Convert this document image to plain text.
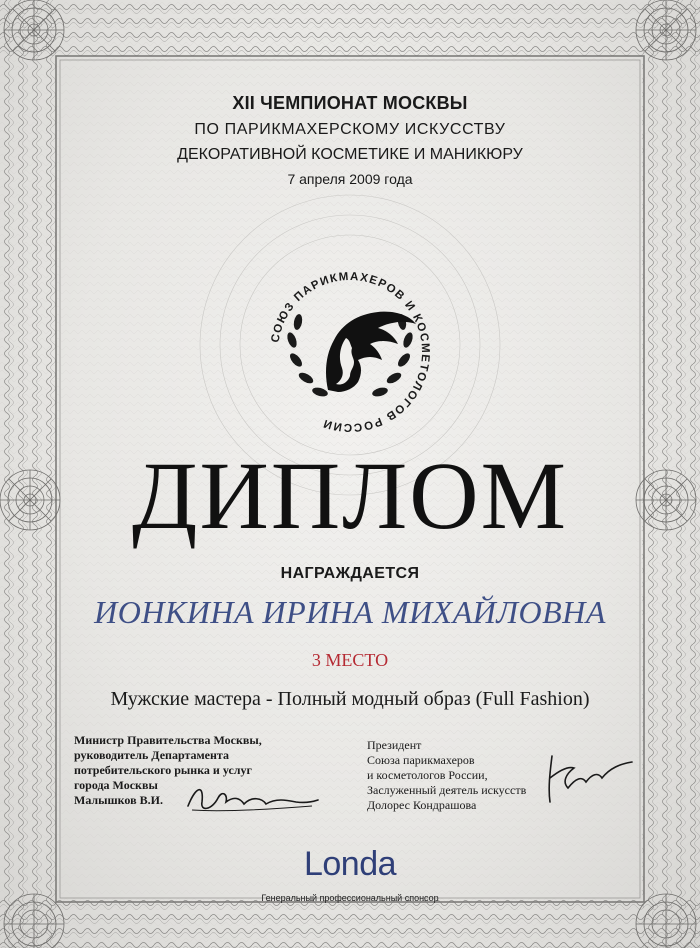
XII ЧЕМПИОНАТ МОСКВЫ
ПО ПАРИКМАХЕРСКОМУ ИСКУССТВУ
ДЕКОРАТИВНОЙ КОСМЕТИКЕ И МАНИКЮРУ
7 апреля 2009 года
СОЮЗ ПАРИКМАХЕРОВ И КОСМЕТОЛОГОВ РОССИИ
ДИПЛОМ
НАГРАЖДАЕТСЯ
ИОНКИНА ИРИНА МИХАЙЛОВНА
3 МЕСТО
Мужские мастера - Полный модный образ (Full Fashion)
Министр Правительства Москвы,
руководитель Департамента
потребительского рынка и услуг
города Москвы
Малышков В.И.
Президент
Союза парикмахеров
и косметологов России,
Заслуженный деятель искусств
Долорес Кондрашова
Londa
Генеральный профессиональный спонсор
